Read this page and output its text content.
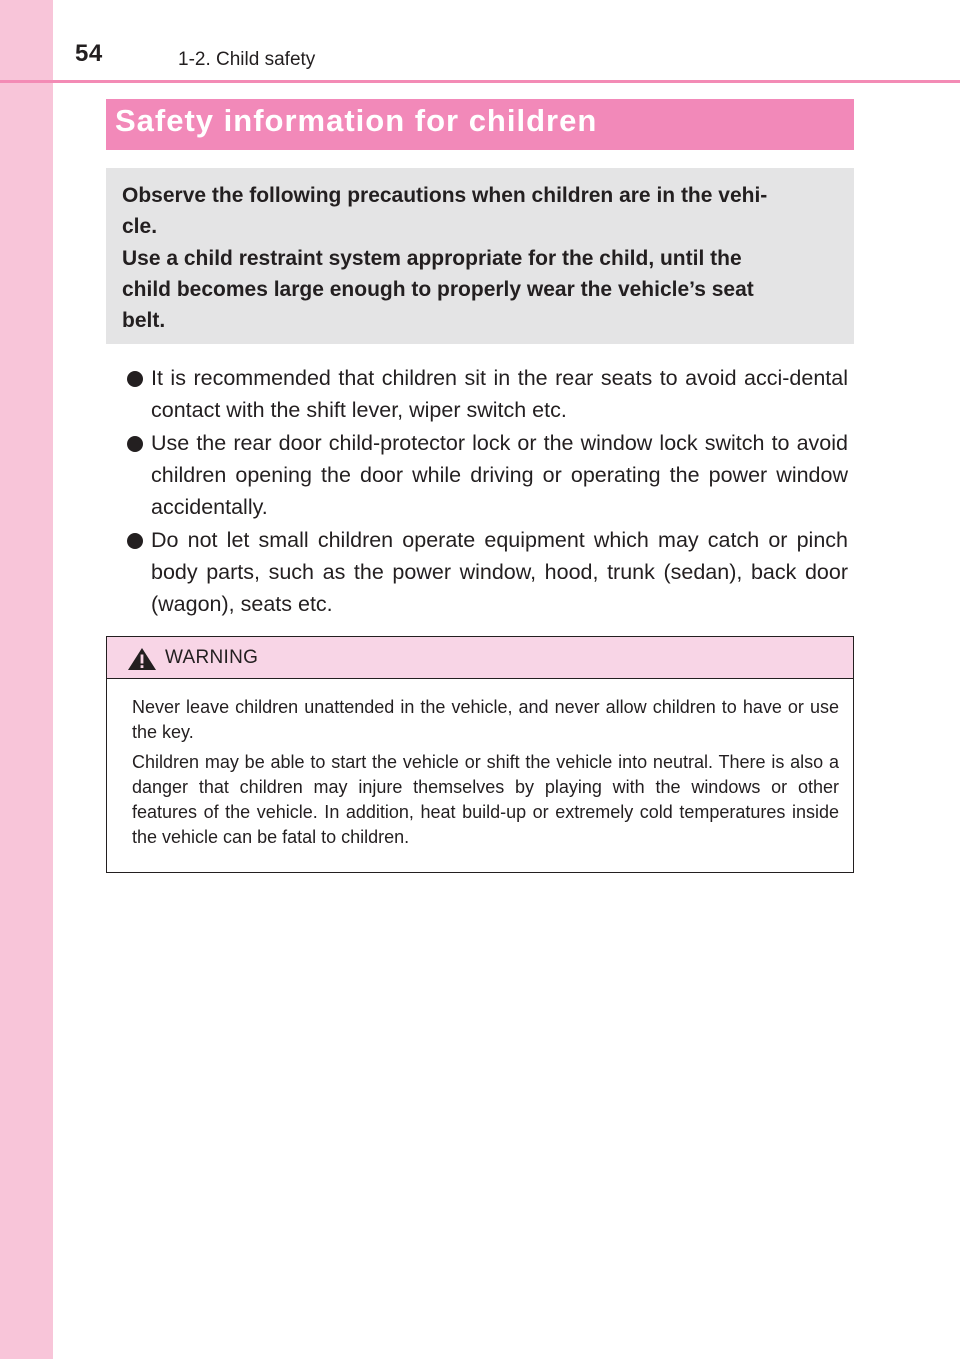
54	1-2. Child safety
Safety information for children
Observe the following precautions when children are in the vehi-
cle.
Use a child restraint system appropriate for the child, until the
child becomes large enough to properly wear the vehicle’s seat
belt.
It is recommended that children sit in the rear seats to avoid acci-dental contact with the shift lever, wiper switch etc.
Use the rear door child-protector lock or the window lock switch to avoid children opening the door while driving or operating the power window accidentally.
Do not let small children operate equipment which may catch or pinch body parts, such as the power window, hood, trunk (sedan), back door (wagon), seats etc.
WARNING

Never leave children unattended in the vehicle, and never allow children to have or use the key.

Children may be able to start the vehicle or shift the vehicle into neutral. There is also a danger that children may injure themselves by playing with the windows or other features of the vehicle. In addition, heat build-up or extremely cold temperatures inside the vehicle can be fatal to children.
